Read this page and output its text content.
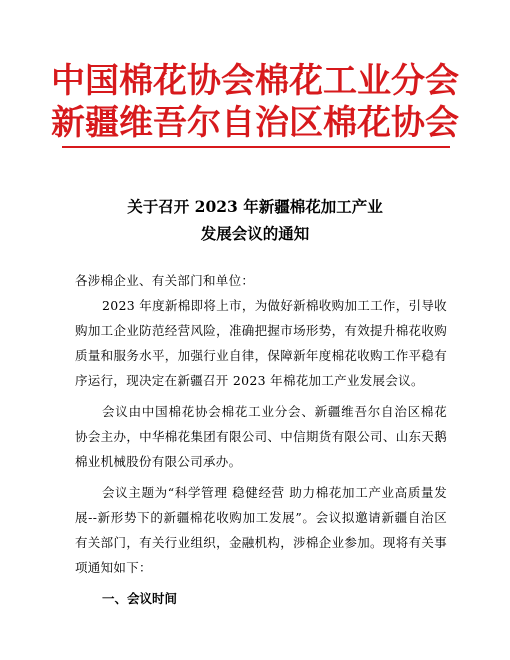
中国棉花协会棉花工业分会
新疆维吾尔自治区棉花协会
关于召开 2023 年新疆棉花加工产业
发展会议的通知

各涉棉企业、有关部门和单位：

2023 年度新棉即将上市，为做好新棉收购加工工作，引导收购加工企业防范经营风险，准确把握市场形势，有效提升棉花收购质量和服务水平，加强行业自律，保障新年度棉花收购工作平稳有序运行，现决定在新疆召开 2023 年棉花加工产业发展会议。

会议由中国棉花协会棉花工业分会、新疆维吾尔自治区棉花协会主办，中华棉花集团有限公司、中信期货有限公司、山东天鹅棉业机械股份有限公司承办。

会议主题为“科学管理 稳健经营 助力棉花加工产业高质量发展--新形势下的新疆棉花收购加工发展”。会议拟邀请新疆自治区有关部门，有关行业组织，金融机构，涉棉企业参加。现将有关事项通知如下：

一、会议时间
